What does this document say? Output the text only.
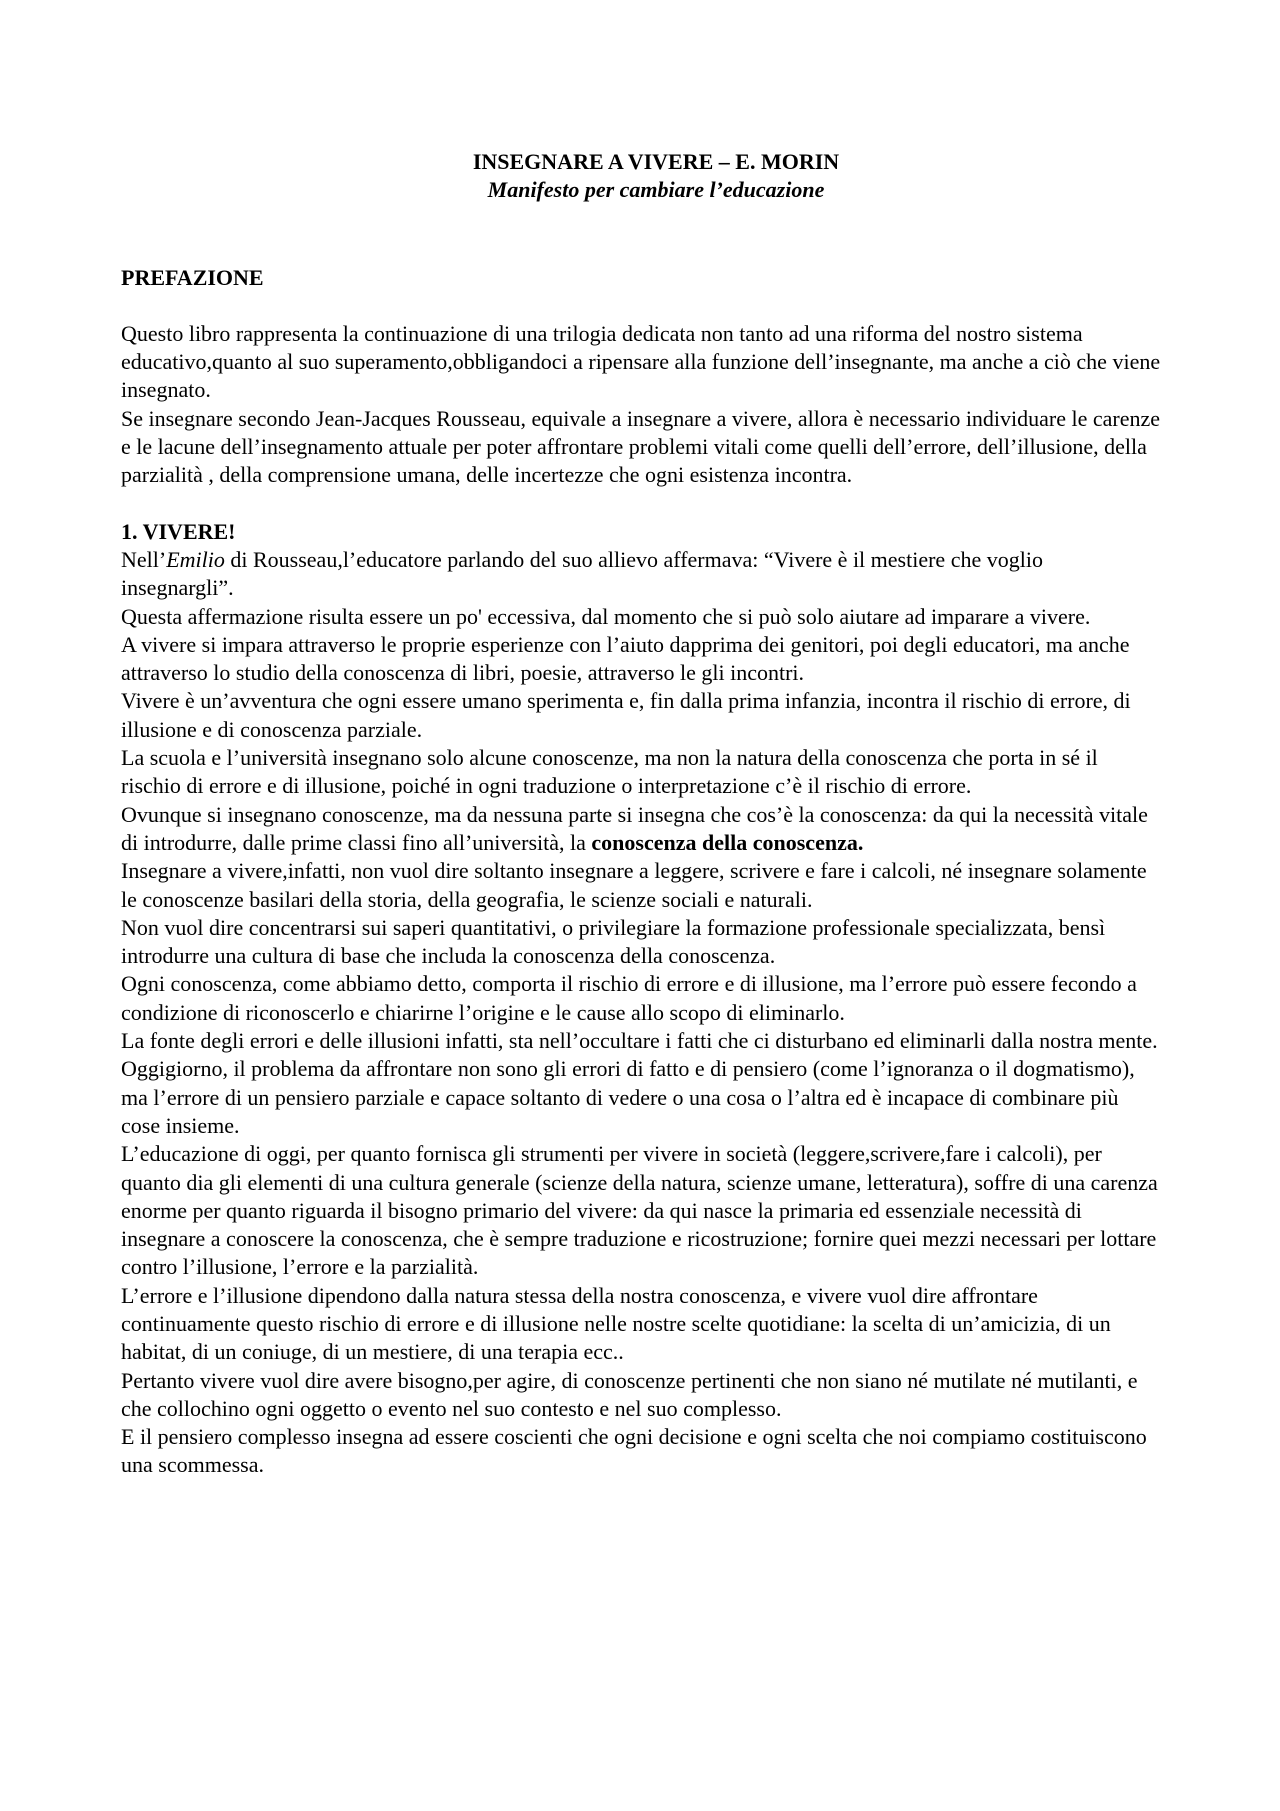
INSEGNARE A VIVERE – E. MORIN
Manifesto per cambiare l’educazione
PREFAZIONE

Questo libro rappresenta la continuazione di una trilogia dedicata non tanto ad una riforma del nostro sistema educativo,quanto al suo superamento,obbligandoci a ripensare alla funzione dell’insegnante, ma anche a ciò che viene insegnato.

Se insegnare secondo Jean-Jacques Rousseau, equivale a insegnare a vivere, allora è necessario individuare le carenze e le lacune dell’insegnamento attuale per poter affrontare problemi vitali come quelli dell’errore, dell’illusione, della parzialità , della comprensione umana, delle incertezze che ogni esistenza incontra.

1. VIVERE!

Nell’Emilio di Rousseau,l’educatore parlando del suo allievo affermava: “Vivere è il mestiere che voglio insegnargli”.

Questa affermazione risulta essere un po' eccessiva, dal momento che si può solo aiutare ad imparare a vivere.

A vivere si impara attraverso le proprie esperienze con l’aiuto dapprima dei genitori, poi degli educatori, ma anche attraverso lo studio della conoscenza di libri, poesie, attraverso le gli incontri.

Vivere è un’avventura che ogni essere umano sperimenta e, fin dalla prima infanzia, incontra il rischio di errore, di illusione e di conoscenza parziale.

La scuola e l’università insegnano solo alcune conoscenze, ma non la natura della conoscenza che porta in sé il rischio di errore e di illusione, poiché in ogni traduzione o interpretazione c’è il rischio di errore.

Ovunque si insegnano conoscenze, ma da nessuna parte si insegna che cos’è la conoscenza: da qui la necessità vitale di introdurre, dalle prime classi fino all’università, la conoscenza della conoscenza.

Insegnare a vivere,infatti, non vuol dire soltanto insegnare a leggere, scrivere e fare i calcoli, né insegnare solamente le conoscenze basilari della storia, della geografia, le scienze sociali e naturali.

Non vuol dire concentrarsi sui saperi quantitativi, o privilegiare la formazione professionale specializzata, bensì introdurre una cultura di base che includa la conoscenza della conoscenza.

Ogni conoscenza, come abbiamo detto, comporta il rischio di errore e di illusione, ma l’errore può essere fecondo a condizione di riconoscerlo e chiarirne l’origine e le cause allo scopo di eliminarlo.

La fonte degli errori e delle illusioni infatti, sta nell’occultare i fatti che ci disturbano ed eliminarli dalla nostra mente.

Oggigiorno, il problema da affrontare non sono gli errori di fatto e di pensiero (come l’ignoranza o il dogmatismo), ma l’errore di un pensiero parziale e capace soltanto di vedere o una cosa o l’altra ed è incapace di combinare più cose insieme.

L’educazione di oggi, per quanto fornisca gli strumenti per vivere in società (leggere,scrivere,fare i calcoli), per quanto dia gli elementi di una cultura generale (scienze della natura, scienze umane, letteratura), soffre di una carenza enorme per quanto riguarda il bisogno primario del vivere: da qui nasce la primaria ed essenziale necessità di insegnare a conoscere la conoscenza, che è sempre traduzione e ricostruzione; fornire quei mezzi necessari per lottare contro l’illusione, l’errore e la parzialità.

L’errore e l’illusione dipendono dalla natura stessa della nostra conoscenza, e vivere vuol dire affrontare continuamente questo rischio di errore e di illusione nelle nostre scelte quotidiane: la scelta di un’amicizia, di un habitat, di un coniuge, di un mestiere, di una terapia ecc..

Pertanto vivere vuol dire avere bisogno,per agire, di conoscenze pertinenti che non siano né mutilate né mutilanti, e che collochino ogni oggetto o evento nel suo contesto e nel suo complesso.

E il pensiero complesso insegna ad essere coscienti che ogni decisione e ogni scelta che noi compiamo costituiscono una scommessa.
